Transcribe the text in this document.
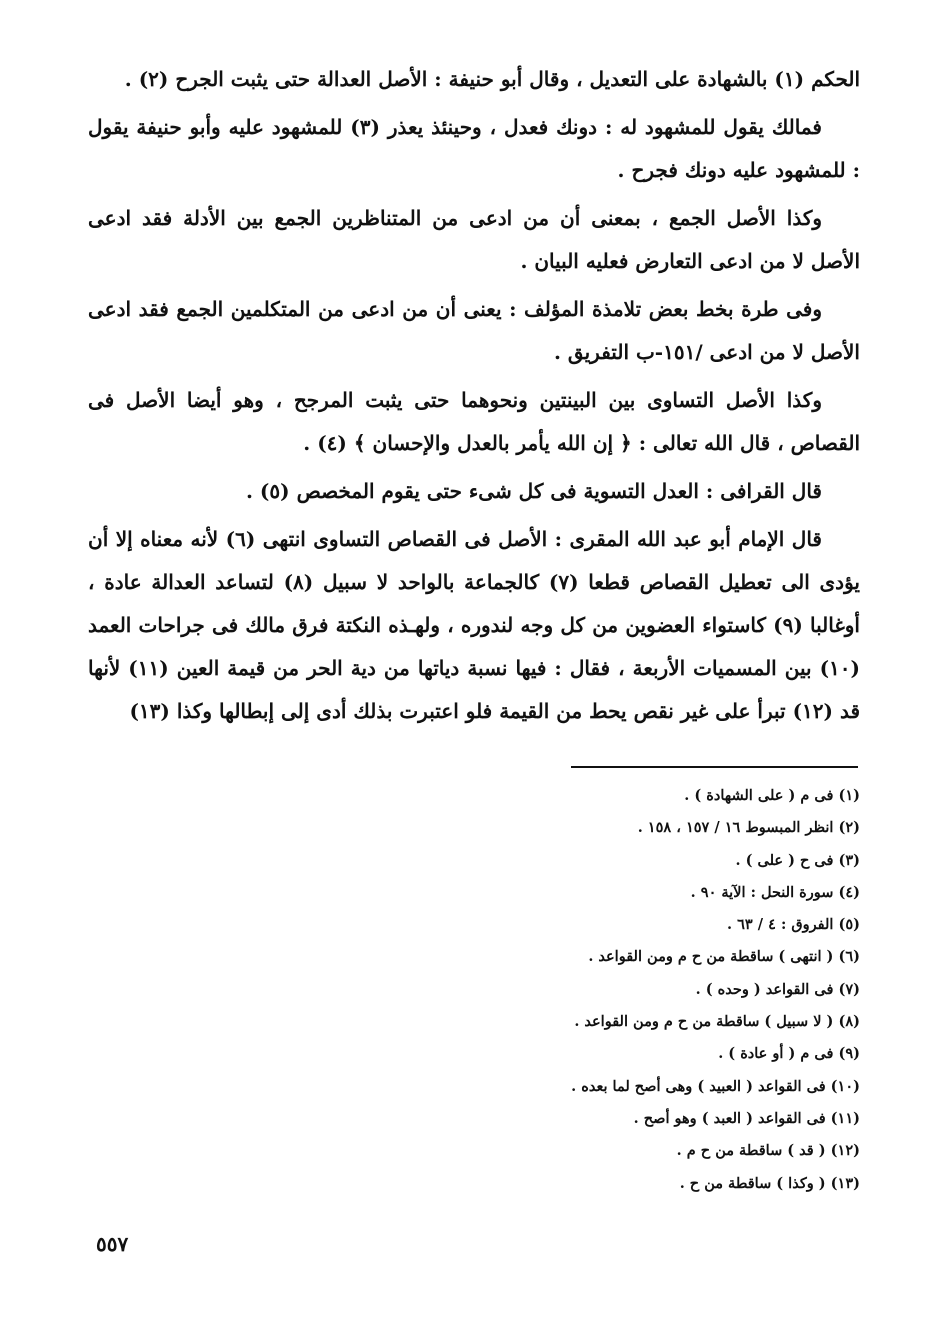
الحكم (١) بالشهادة على التعديل ، وقال أبو حنيفة : الأصل العدالة حتى يثبت الجرح (٢) .

فمالك يقول للمشهود له : دونك فعدل ، وحينئذ يعذر (٣) للمشهود عليه وأبو حنيفة يقول : للمشهود عليه دونك فجرح .

وكذا الأصل الجمع ، بمعنى أن من ادعى من المتناظرين الجمع بين الأدلة فقد ادعى الأصل لا من ادعى التعارض فعليه البيان .

وفى طرة بخط بعض تلامذة المؤلف : يعنى أن من ادعى من المتكلمين الجمع فقد ادعى الأصل لا من ادعى /١٥١-ب التفريق .

وكذا الأصل التساوى بين البينتين ونحوهما حتى يثبت المرجح ، وهو أيضا الأصل فى القصاص ، قال الله تعالى : ﴿ إن الله يأمر بالعدل والإحسان ﴾ (٤) .

قال القرافى : العدل التسوية فى كل شىء حتى يقوم المخصص (٥) .

قال الإمام أبو عبد الله المقرى : الأصل فى القصاص التساوى انتهى (٦) لأنه معناه إلا أن يؤدى الى تعطيل القصاص قطعا (٧) كالجماعة بالواحد لا سبيل (٨) لتساعد العدالة عادة ، أوغالبا (٩) كاستواء العضوين من كل وجه لندوره ، ولهـذه النكتة فرق مالك فى جراحات العمد (١٠) بين المسميات الأربعة ، فقال : فيها نسبة دياتها من دية الحر من قيمة العين (١١) لأنها قد (١٢) تبرأ على غير نقص يحط من القيمة فلو اعتبرت بذلك أدى إلى إبطالها وكذا (١٣)

(١) فى م ( على الشهادة ) .
(٢) انظر المبسوط ١٦ / ١٥٧ ، ١٥٨ .
(٣) فى ح ( على ) .
(٤) سورة النحل : الآية ٩٠ .
(٥) الفروق : ٤ / ٦٣ .
(٦) ( انتهى ) ساقطة من ح م ومن القواعد .
(٧) فى القواعد ( وحده ) .
(٨) ( لا سبيل ) ساقطة من ح م ومن القواعد .
(٩) فى م ( أو عادة ) .
(١٠) فى القواعد ( العبيد ) وهى أصح لما بعده .
(١١) فى القواعد ( العبد ) وهو أصح .
(١٢) ( قد ) ساقطة من ح م .
(١٣) ( وكذا ) ساقطة من ح .
٥٥٧
